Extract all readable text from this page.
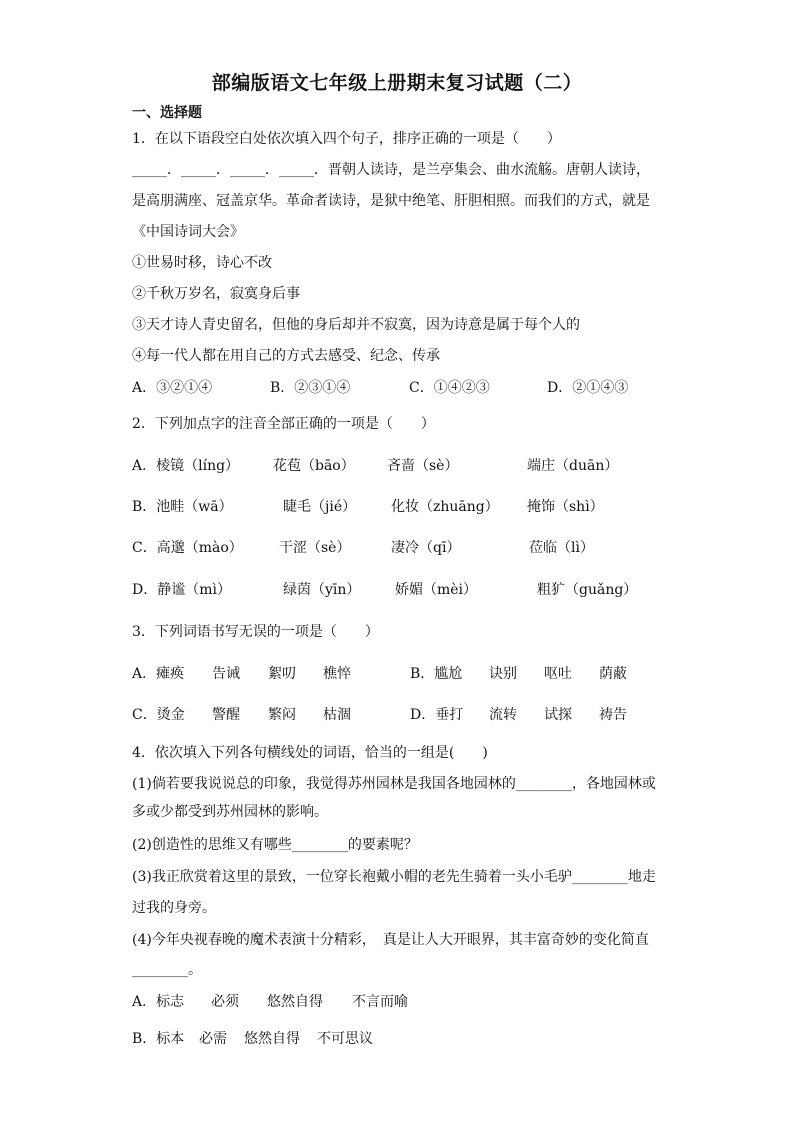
部编版语文七年级上册期末复习试题（二）
一、选择题
1．在以下语段空白处依次填入四个句子，排序正确的一项是（　　）
_____．_____．_____．_____．晋朝人读诗，是兰亭集会、曲水流觞。唐朝人读诗，
是高朋满座、冠盖京华。革命者读诗，是狱中绝笔、肝胆相照。而我们的方式，就是
《中国诗词大会》
①世易时移，诗心不改
②千秋万岁名，寂寞身后事
③天才诗人青史留名，但他的身后却并不寂寞，因为诗意是属于每个人的
④每一代人都在用自己的方式去感受、纪念、传承
A．③②①④	B．②③①④	C．①④②③	D．②①④③
2．下列加点字的注音全部正确的一项是（　　）
A．棱镜（líng） 花苞（bāo） 吝啬（sè）	端庄（duān）
B．池畦（wā）	睫毛（jié） 化妆（zhuāng） 掩饰（shì）
C．高邈（mào）	干涩（sè）	凄冷（qī）	莅临（lì）
D．静谧（mì）	绿茵（yīn） 娇媚（mèi）	粗犷（guǎng）
3．下列词语书写无误的一项是（　　）
A．瘫痪 告诫 絮叨 樵悴	B．尴尬 诀别 呕吐 荫蔽
C．烫金 警醒 繁闷 枯涸	D．垂打 流转 试探 祷告
4．依次填入下列各句横线处的词语，恰当的一组是(　　)
(1)倘若要我说说总的印象，我觉得苏州园林是我国各地园林的________，各地园林或
多或少都受到苏州园林的影响。
(2)创造性的思维又有哪些________的要素呢？
(3)我正欣赏着这里的景致，一位穿长袍戴小帽的老先生骑着一头小毛驴________地走
过我的身旁。
(4)今年央视春晚的魔术表演十分精彩，　真是让人大开眼界，其丰富奇妙的变化简直
________。
A．标志 必须 悠然自得 不言而喻
B．标本 必需 悠然自得 不可思议
